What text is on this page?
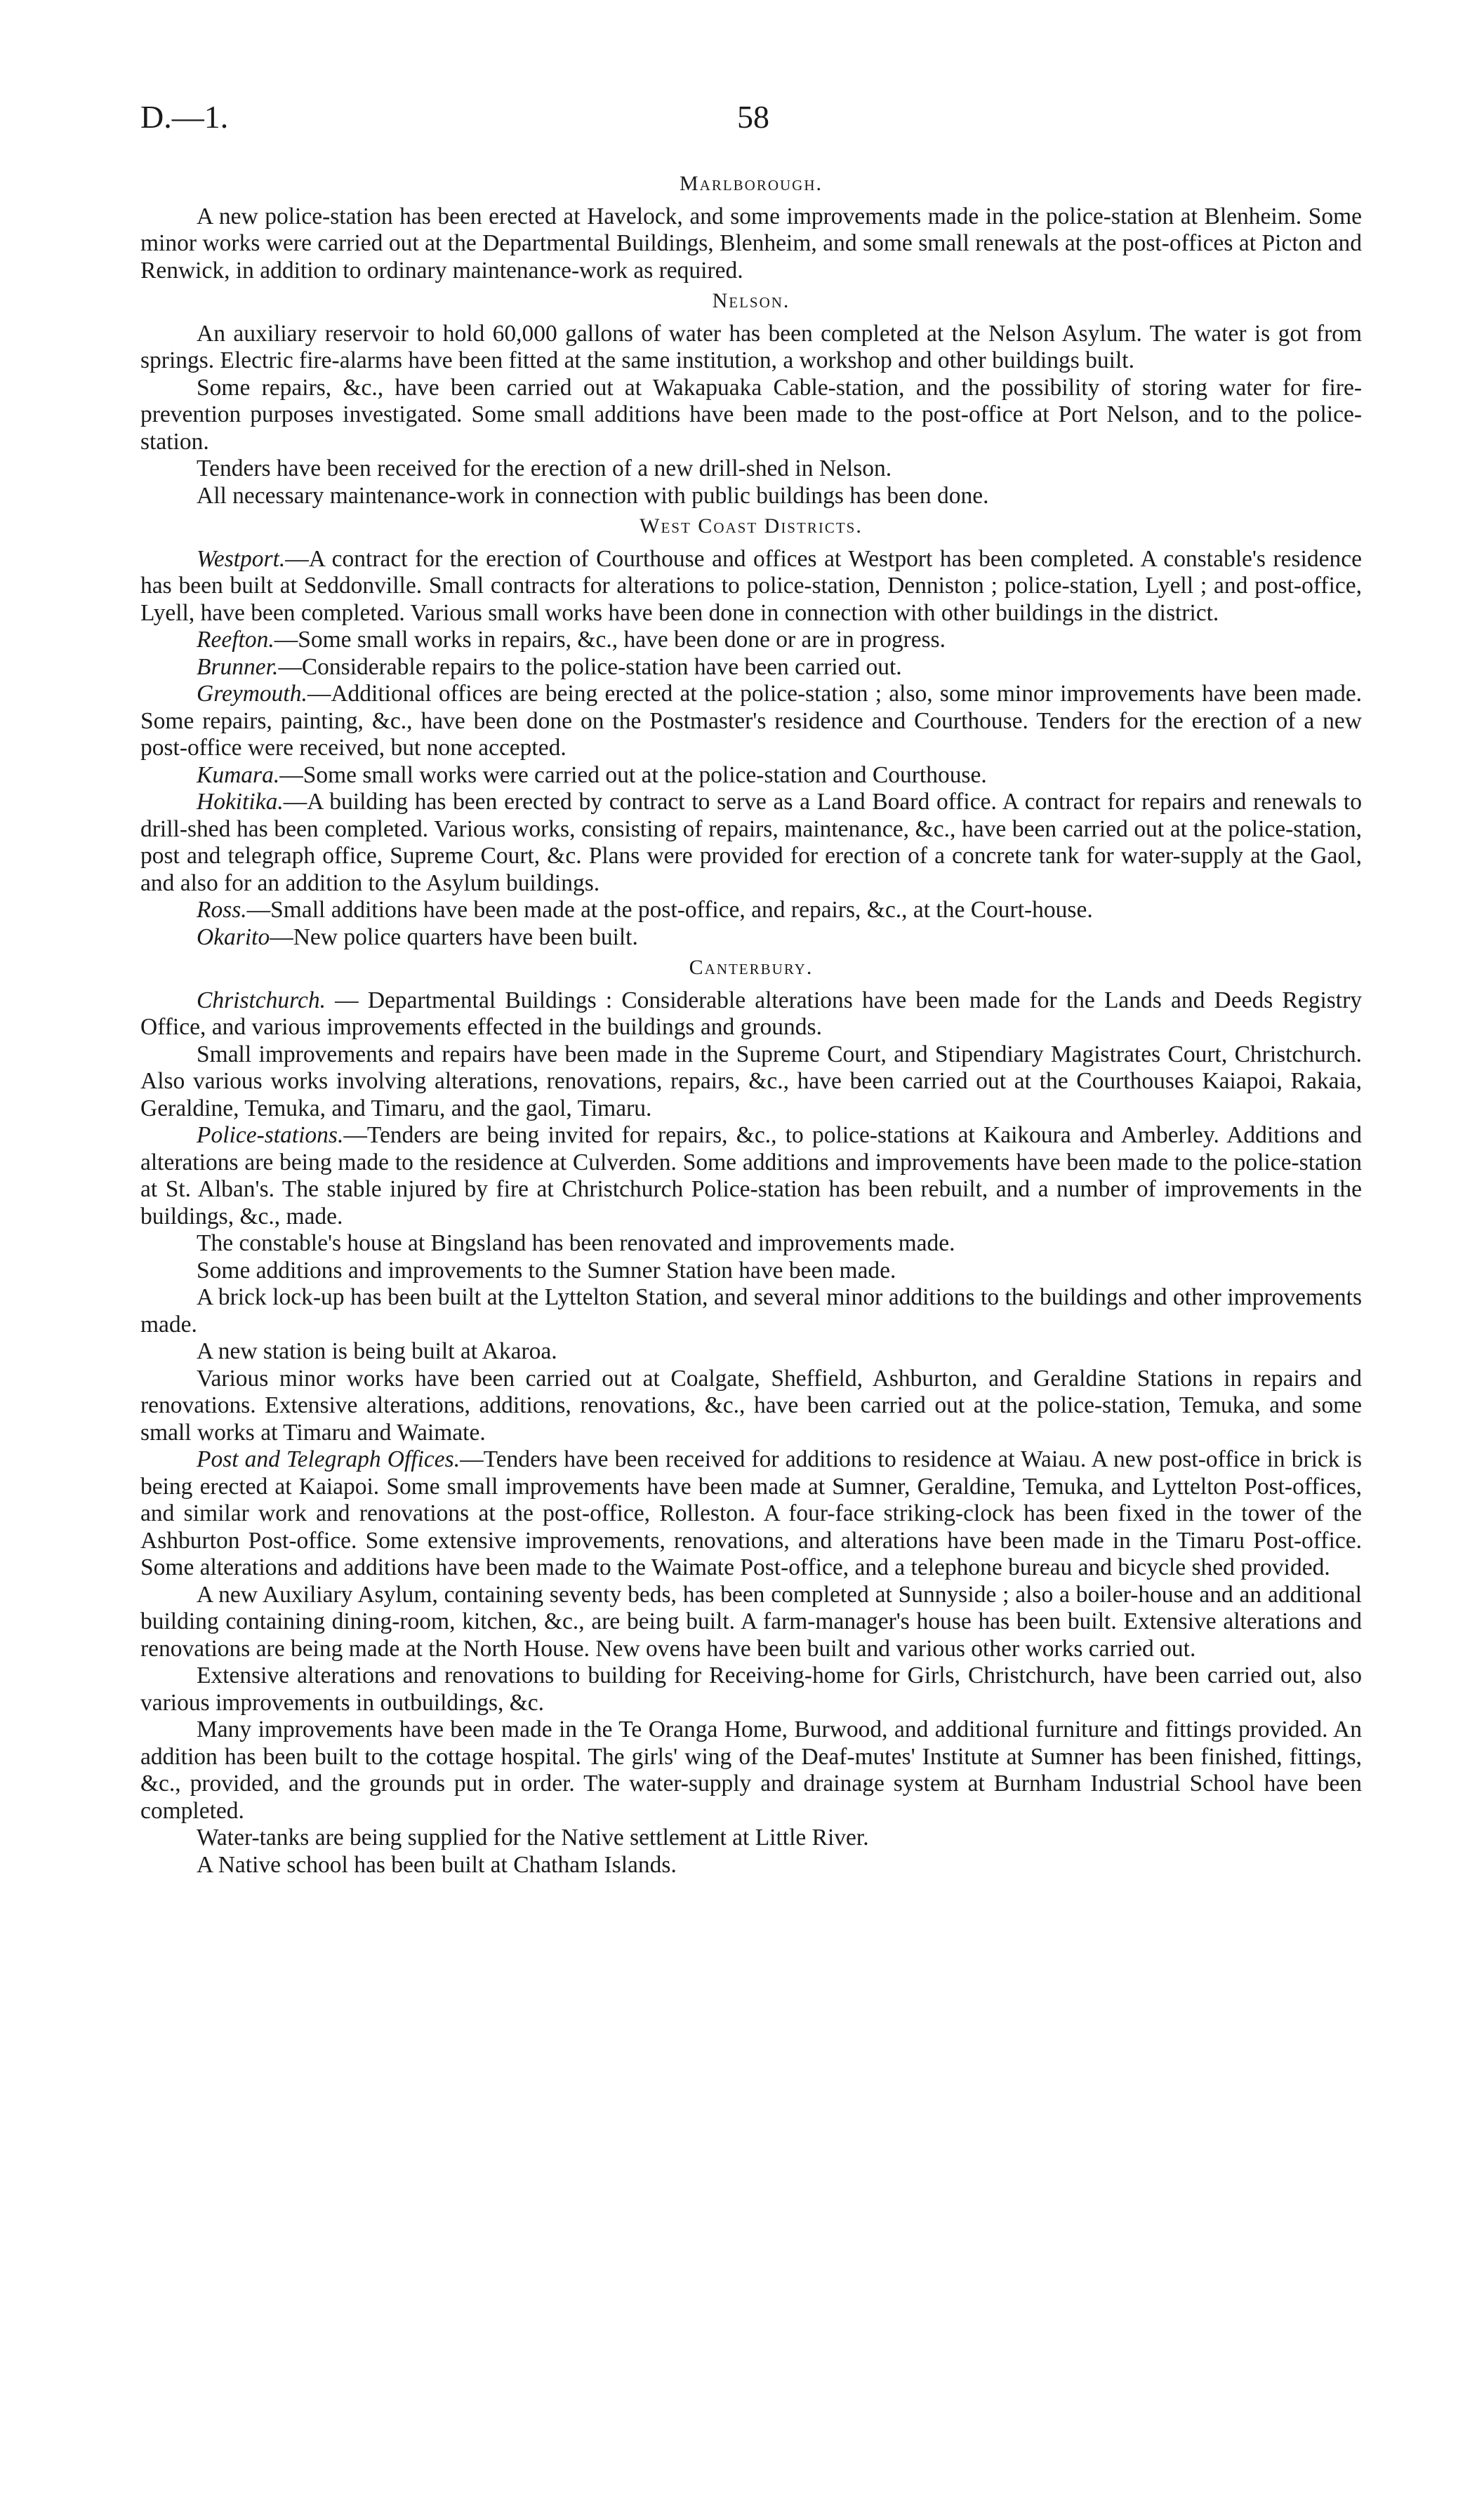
D.—1.	58
Marlborough.

A new police-station has been erected at Havelock, and some improvements made in the police-station at Blenheim. Some minor works were carried out at the Departmental Buildings, Blenheim, and some small renewals at the post-offices at Picton and Renwick, in addition to ordinary maintenance-work as required.

Nelson.

An auxiliary reservoir to hold 60,000 gallons of water has been completed at the Nelson Asylum. The water is got from springs. Electric fire-alarms have been fitted at the same institution, a workshop and other buildings built.

Some repairs, &c., have been carried out at Wakapuaka Cable-station, and the possibility of storing water for fire-prevention purposes investigated. Some small additions have been made to the post-office at Port Nelson, and to the police-station.

Tenders have been received for the erection of a new drill-shed in Nelson.

All necessary maintenance-work in connection with public buildings has been done.

West Coast Districts.

Westport.—A contract for the erection of Courthouse and offices at Westport has been completed. A constable's residence has been built at Seddonville. Small contracts for alterations to police-station, Denniston ; police-station, Lyell ; and post-office, Lyell, have been completed. Various small works have been done in connection with other buildings in the district.

Reefton.—Some small works in repairs, &c., have been done or are in progress.

Brunner.—Considerable repairs to the police-station have been carried out.

Greymouth.—Additional offices are being erected at the police-station ; also, some minor improvements have been made. Some repairs, painting, &c., have been done on the Postmaster's residence and Courthouse. Tenders for the erection of a new post-office were received, but none accepted.

Kumara.—Some small works were carried out at the police-station and Courthouse.

Hokitika.—A building has been erected by contract to serve as a Land Board office. A contract for repairs and renewals to drill-shed has been completed. Various works, consisting of repairs, maintenance, &c., have been carried out at the police-station, post and telegraph office, Supreme Court, &c. Plans were provided for erection of a concrete tank for water-supply at the Gaol, and also for an addition to the Asylum buildings.

Ross.—Small additions have been made at the post-office, and repairs, &c., at the Court-house.

Okarito—New police quarters have been built.

Canterbury.

Christchurch. — Departmental Buildings : Considerable alterations have been made for the Lands and Deeds Registry Office, and various improvements effected in the buildings and grounds.

Small improvements and repairs have been made in the Supreme Court, and Stipendiary Magistrates Court, Christchurch. Also various works involving alterations, renovations, repairs, &c., have been carried out at the Courthouses Kaiapoi, Rakaia, Geraldine, Temuka, and Timaru, and the gaol, Timaru.

Police-stations.—Tenders are being invited for repairs, &c., to police-stations at Kaikoura and Amberley. Additions and alterations are being made to the residence at Culverden. Some additions and improvements have been made to the police-station at St. Alban's. The stable injured by fire at Christchurch Police-station has been rebuilt, and a number of improvements in the buildings, &c., made.

The constable's house at Bingsland has been renovated and improvements made.

Some additions and improvements to the Sumner Station have been made.

A brick lock-up has been built at the Lyttelton Station, and several minor additions to the buildings and other improvements made.

A new station is being built at Akaroa.

Various minor works have been carried out at Coalgate, Sheffield, Ashburton, and Geraldine Stations in repairs and renovations. Extensive alterations, additions, renovations, &c., have been carried out at the police-station, Temuka, and some small works at Timaru and Waimate.

Post and Telegraph Offices.—Tenders have been received for additions to residence at Waiau. A new post-office in brick is being erected at Kaiapoi. Some small improvements have been made at Sumner, Geraldine, Temuka, and Lyttelton Post-offices, and similar work and renovations at the post-office, Rolleston. A four-face striking-clock has been fixed in the tower of the Ashburton Post-office. Some extensive improvements, renovations, and alterations have been made in the Timaru Post-office. Some alterations and additions have been made to the Waimate Post-office, and a telephone bureau and bicycle shed provided.

A new Auxiliary Asylum, containing seventy beds, has been completed at Sunnyside ; also a boiler-house and an additional building containing dining-room, kitchen, &c., are being built. A farm-manager's house has been built. Extensive alterations and renovations are being made at the North House. New ovens have been built and various other works carried out.

Extensive alterations and renovations to building for Receiving-home for Girls, Christchurch, have been carried out, also various improvements in outbuildings, &c.

Many improvements have been made in the Te Oranga Home, Burwood, and additional furniture and fittings provided. An addition has been built to the cottage hospital. The girls' wing of the Deaf-mutes' Institute at Sumner has been finished, fittings, &c., provided, and the grounds put in order. The water-supply and drainage system at Burnham Industrial School have been completed.

Water-tanks are being supplied for the Native settlement at Little River.

A Native school has been built at Chatham Islands.
